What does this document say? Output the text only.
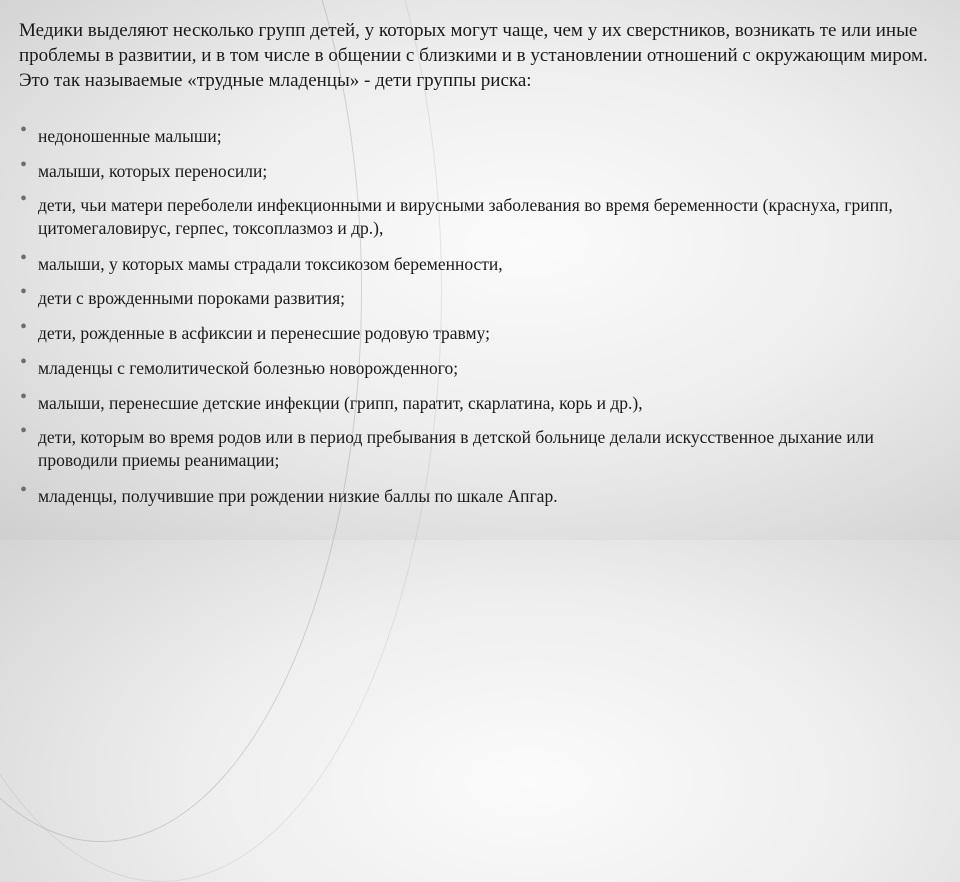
Медики выделяют несколько групп детей, у которых могут чаще, чем у их сверстников, возникать те или иные проблемы в развитии, и в том числе в общении с близкими и в установлении отношений с окружающим миром. Это так называемые «трудные младенцы» - дети группы риска:

• недоношенные малыши;
• малыши, которых переносили;
• дети, чьи матери переболели инфекционными и вирусными заболевания во время беременности (краснуха, грипп, цитомегаловирус, герпес, токсоплазмоз и др.),
• малыши, у которых мамы страдали токсикозом беременности,
• дети с врожденными пороками развития;
• дети, рожденные в асфиксии и перенесшие родовую травму;
• младенцы с гемолитической болезнью новорожденного;
• малыши, перенесшие детские инфекции (грипп, паратит, скарлатина, корь и др.),
• дети, которым во время родов или в период пребывания в детской больнице делали искусственное дыхание или проводили приемы реанимации;
• младенцы, получившие при рождении низкие баллы по шкале Апгар.
